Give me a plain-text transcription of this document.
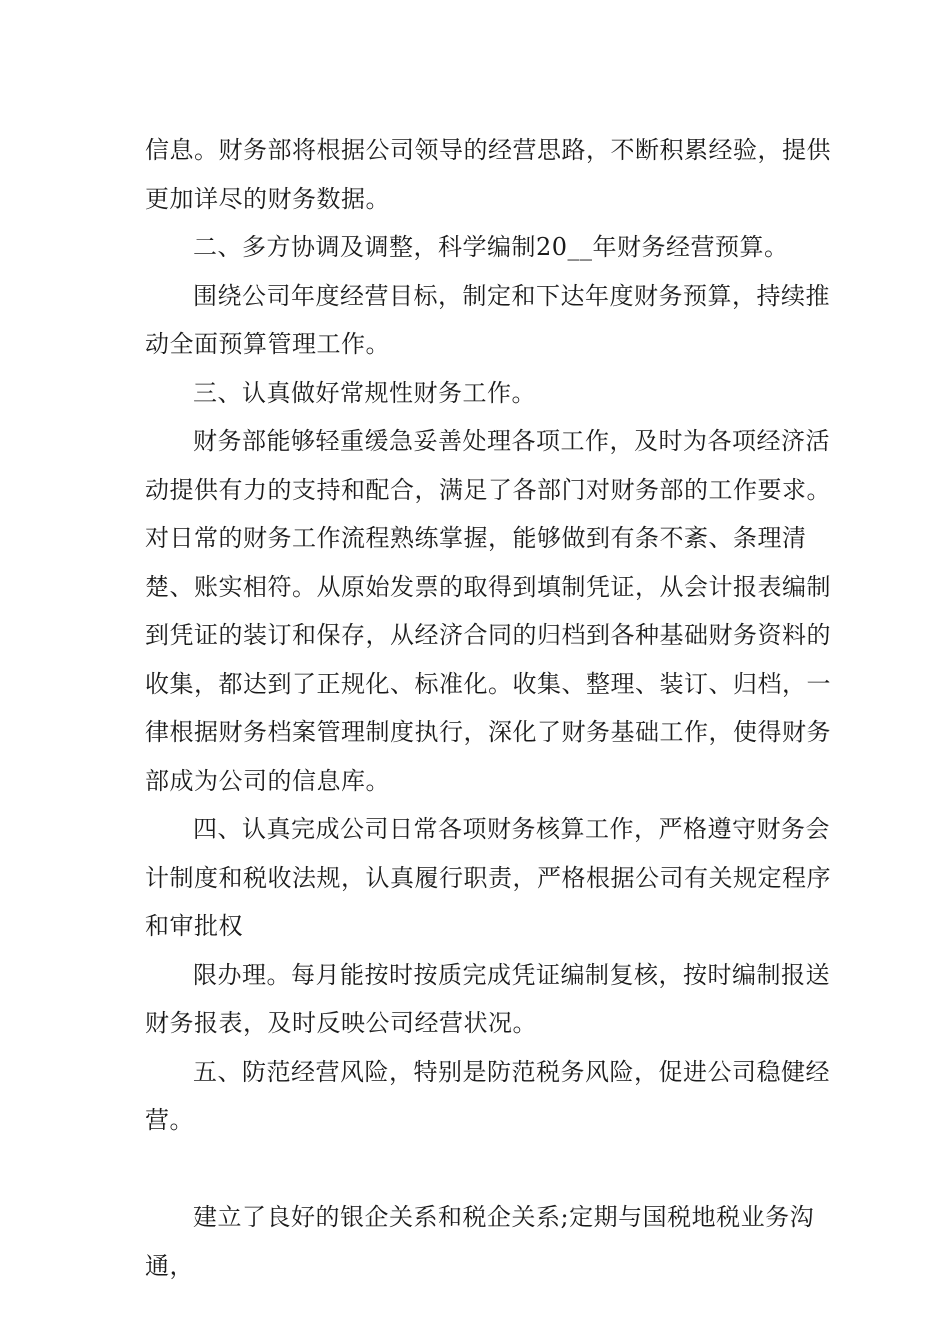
信息。财务部将根据公司领导的经营思路，不断积累经验，提供更加详尽的财务数据。

二、多方协调及调整，科学编制20__年财务经营预算。

围绕公司年度经营目标，制定和下达年度财务预算，持续推动全面预算管理工作。

三、认真做好常规性财务工作。

财务部能够轻重缓急妥善处理各项工作，及时为各项经济活动提供有力的支持和配合，满足了各部门对财务部的工作要求。对日常的财务工作流程熟练掌握，能够做到有条不紊、条理清楚、账实相符。从原始发票的取得到填制凭证，从会计报表编制到凭证的装订和保存，从经济合同的归档到各种基础财务资料的收集，都达到了正规化、标准化。收集、整理、装订、归档，一律根据财务档案管理制度执行，深化了财务基础工作，使得财务部成为公司的信息库。

四、认真完成公司日常各项财务核算工作，严格遵守财务会计制度和税收法规，认真履行职责，严格根据公司有关规定程序和审批权

限办理。每月能按时按质完成凭证编制复核，按时编制报送财务报表，及时反映公司经营状况。

五、防范经营风险，特别是防范税务风险，促进公司稳健经营。

建立了良好的银企关系和税企关系;定期与国税地税业务沟通，
